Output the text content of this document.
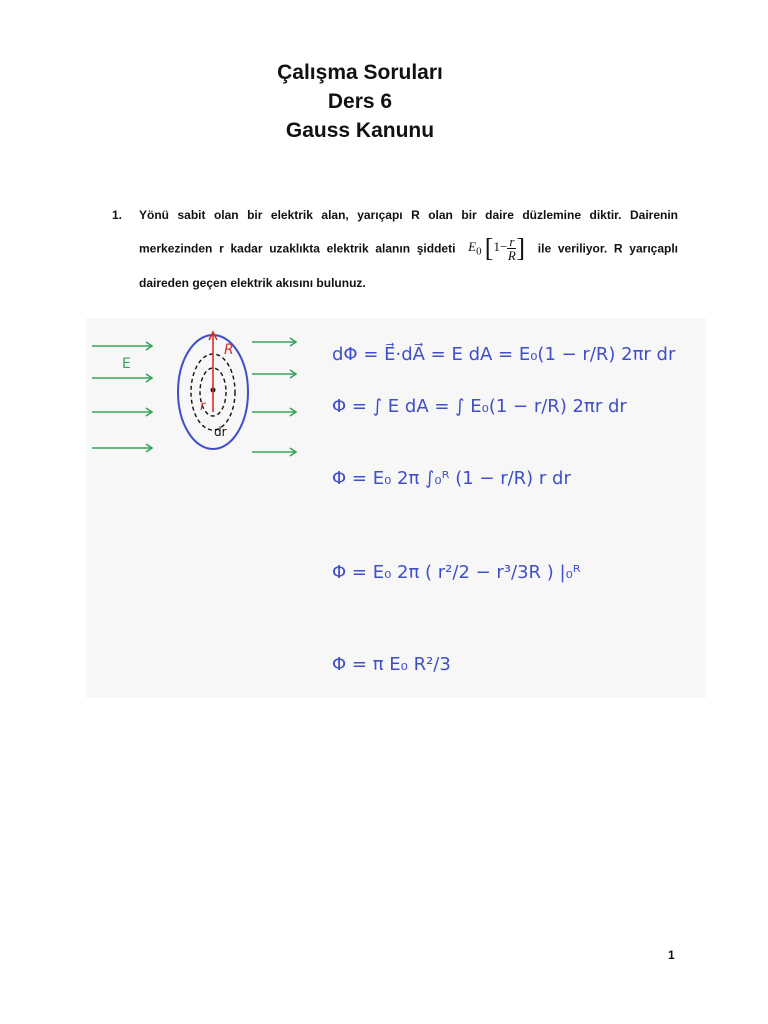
Çalışma Soruları
Ders 6
Gauss Kanunu
1. Yönü sabit olan bir elektrik alan, yarıçapı R olan bir daire düzlemine diktir. Dairenin merkezinden r kadar uzaklıkta elektrik alanın şiddeti $E_0$ [$1- \frac{r}{R}$ ] ile veriliyor. R yarıçaplı daireden geçen elektrik akısını bulunuz.
E
R
r
dr
dΦ = E⃗·dA⃗ = E dA = E₀(1 − r/R) 2πr dr
Φ = ∫ E dA = ∫ E₀(1 − r/R) 2πr dr
Φ = E₀ 2π ∫₀ᴿ (1 − r/R) r dr
Φ = E₀ 2π ( r²/2 − r³/3R ) |₀ᴿ
Φ = π E₀ R²/3
1
